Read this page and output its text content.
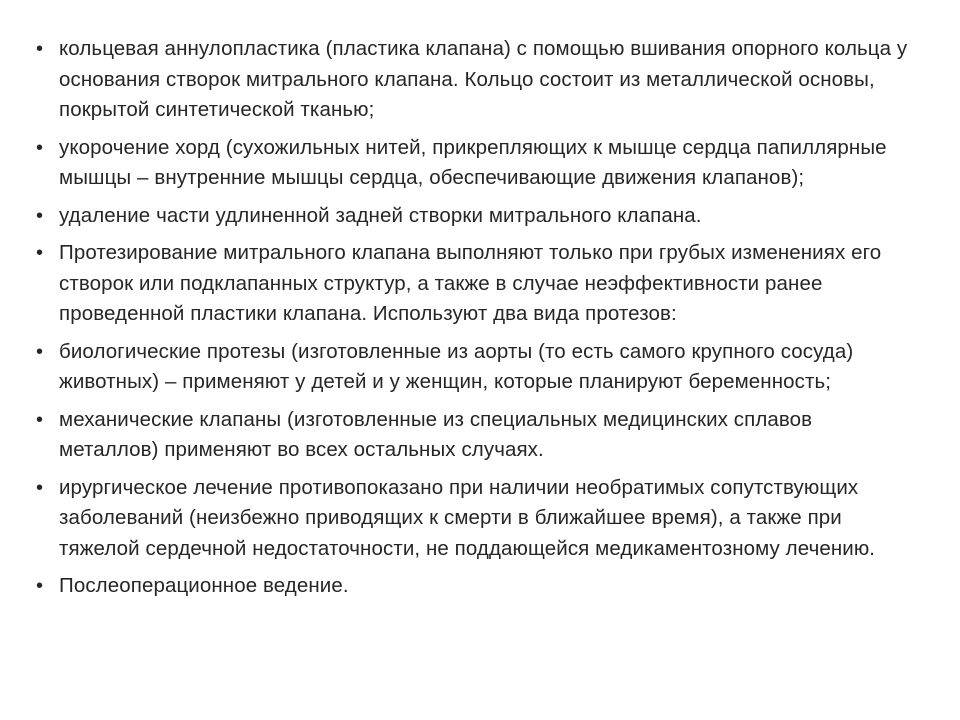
• кольцевая аннулопластика (пластика клапана) с помощью вшивания опорного кольца у основания створок митрального клапана. Кольцо состоит из металлической основы, покрытой синтетической тканью;
• укорочение хорд (сухожильных нитей, прикрепляющих к мышце сердца папиллярные мышцы – внутренние мышцы сердца, обеспечивающие движения клапанов);
• удаление части удлиненной задней створки митрального клапана.
• Протезирование митрального клапана выполняют только при грубых изменениях его створок или подклапанных структур, а также в случае неэффективности ранее проведенной пластики клапана. Используют два вида протезов:
• биологические протезы (изготовленные из аорты (то есть самого крупного сосуда) животных) – применяют у детей и у женщин, которые планируют беременность;
• механические клапаны (изготовленные из специальных медицинских сплавов металлов) применяют во всех остальных случаях.
• ирургическое лечение противопоказано при наличии необратимых сопутствующих заболеваний (неизбежно приводящих к смерти в ближайшее время), а также при тяжелой сердечной недостаточности, не поддающейся медикаментозному лечению.
• Послеоперационное ведение.
